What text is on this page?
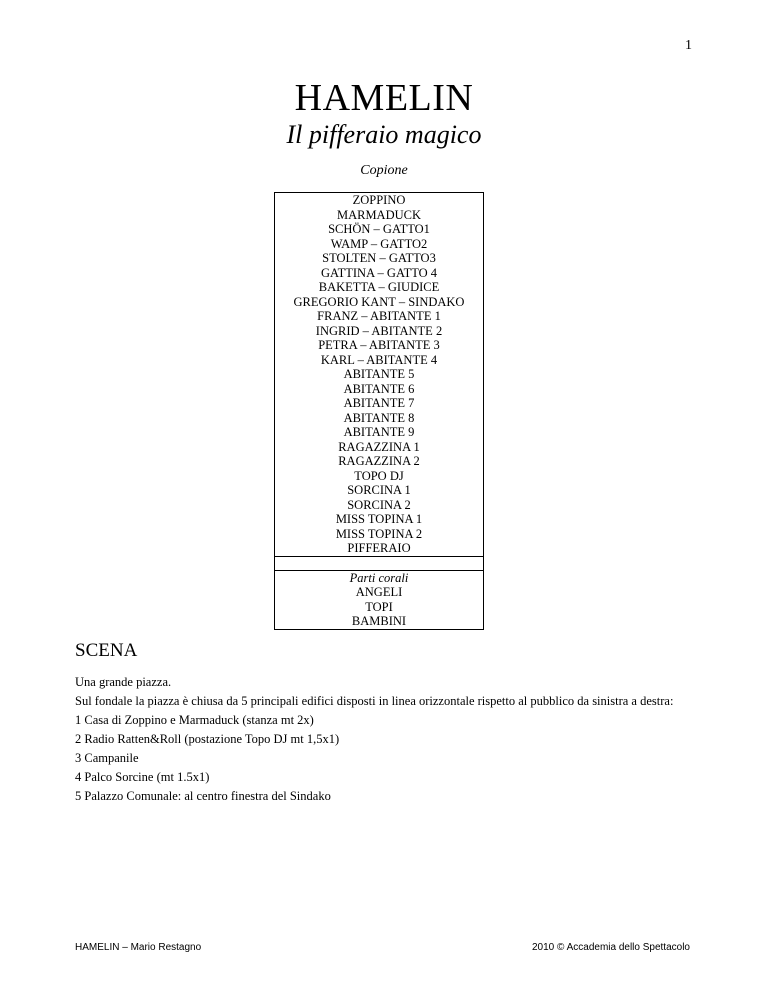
1
HAMELIN
Il pifferaio magico
Copione
ZOPPINO
MARMADUCK
SCHÖN – GATTO1
WAMP – GATTO2
STOLTEN – GATTO3
GATTINA – GATTO 4
BAKETTA – GIUDICE
GREGORIO KANT – SINDAKO
FRANZ – ABITANTE 1
INGRID – ABITANTE 2
PETRA – ABITANTE 3
KARL – ABITANTE 4
ABITANTE 5
ABITANTE 6
ABITANTE 7
ABITANTE 8
ABITANTE 9
RAGAZZINA 1
RAGAZZINA 2
TOPO DJ
SORCINA 1
SORCINA 2
MISS TOPINA 1
MISS TOPINA 2
PIFFERAIO
Parti corali
ANGELI
TOPI
BAMBINI
SCENA
Una grande piazza.
Sul fondale la piazza è chiusa da 5 principali edifici disposti in linea orizzontale rispetto al pubblico da sinistra a destra:
1 Casa di Zoppino e Marmaduck (stanza mt 2x)
2 Radio Ratten&Roll (postazione Topo DJ mt 1,5x1)
3 Campanile
4 Palco Sorcine (mt 1.5x1)
5 Palazzo Comunale: al centro finestra del Sindako
HAMELIN – Mario Restagno	2010 © Accademia dello Spettacolo
